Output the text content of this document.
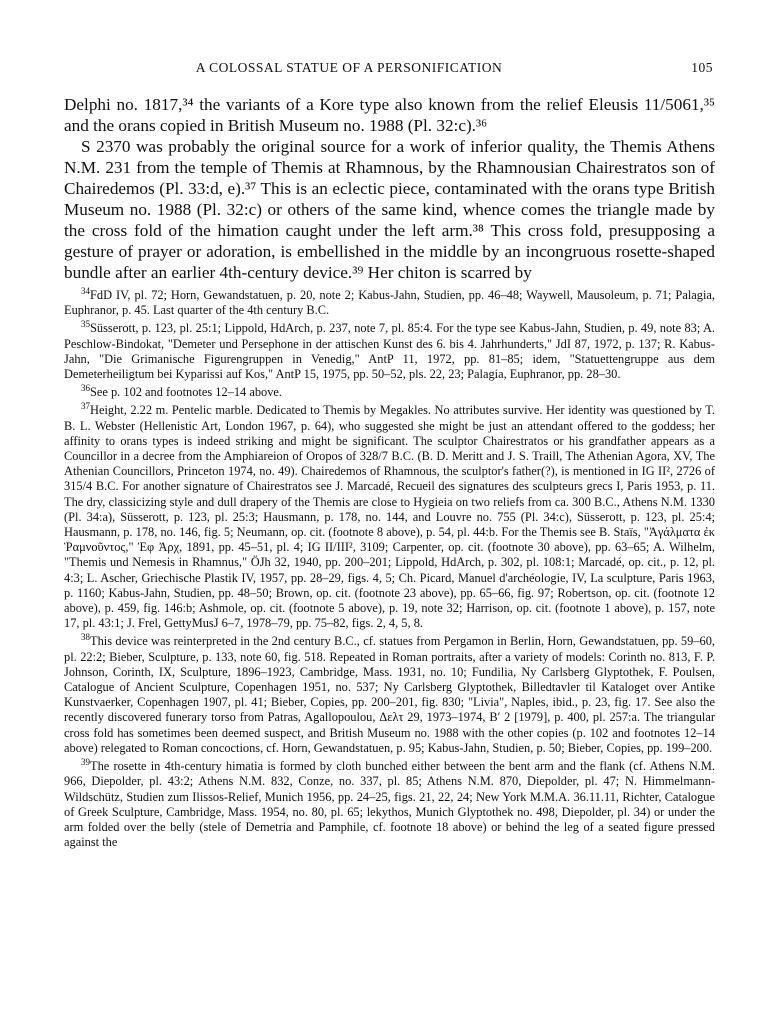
A COLOSSAL STATUE OF A PERSONIFICATION	105

Delphi no. 1817,³⁴ the variants of a Kore type also known from the relief Eleusis 11/5061,³⁵ and the orans copied in British Museum no. 1988 (Pl. 32:c).³⁶

S 2370 was probably the original source for a work of inferior quality, the Themis Athens N.M. 231 from the temple of Themis at Rhamnous, by the Rhamnousian Chairestratos son of Chairedemos (Pl. 33:d, e).³⁷ This is an eclectic piece, contaminated with the orans type British Museum no. 1988 (Pl. 32:c) or others of the same kind, whence comes the triangle made by the cross fold of the himation caught under the left arm.³⁸ This cross fold, presupposing a gesture of prayer or adoration, is embellished in the middle by an incongruous rosette-shaped bundle after an earlier 4th-century device.³⁹ Her chiton is scarred by

$^{34}$FdD IV, pl. 72; Horn, Gewandstatuen, p. 20, note 2; Kabus-Jahn, Studien, pp. 46–48; Waywell, Mausoleum, p. 71; Palagia, Euphranor, p. 45. Last quarter of the 4th century B.C.

$^{35}$Süsserott, p. 123, pl. 25:1; Lippold, HdArch, p. 237, note 7, pl. 85:4. For the type see Kabus-Jahn, Studien, p. 49, note 83; A. Peschlow-Bindokat, "Demeter und Persephone in der attischen Kunst des 6. bis 4. Jahrhunderts," JdI 87, 1972, p. 137; R. Kabus-Jahn, "Die Grimanische Figurengruppen in Venedig," AntP 11, 1972, pp. 81–85; idem, "Statuettengruppe aus dem Demeterheiligtum bei Kyparissi auf Kos," AntP 15, 1975, pp. 50–52, pls. 22, 23; Palagia, Euphranor, pp. 28–30.

$^{36}$See p. 102 and footnotes 12–14 above.

$^{37}$Height, 2.22 m. Pentelic marble. Dedicated to Themis by Megakles. No attributes survive. Her identity was questioned by T. B. L. Webster (Hellenistic Art, London 1967, p. 64), who suggested she might be just an attendant offered to the goddess; her affinity to orans types is indeed striking and might be significant. The sculptor Chairestratos or his grandfather appears as a Councillor in a decree from the Amphiareion of Oropos of 328/7 B.C. (B. D. Meritt and J. S. Traill, The Athenian Agora, XV, The Athenian Councillors, Princeton 1974, no. 49). Chairedemos of Rhamnous, the sculptor's father(?), is mentioned in IG II², 2726 of 315/4 B.C. For another signature of Chairestratos see J. Marcadé, Recueil des signatures des sculpteurs grecs I, Paris 1953, p. 11. The dry, classicizing style and dull drapery of the Themis are close to Hygieia on two reliefs from ca. 300 B.C., Athens N.M. 1330 (Pl. 34:a), Süsserott, p. 123, pl. 25:3; Hausmann, p. 178, no. 144, and Louvre no. 755 (Pl. 34:c), Süsserott, p. 123, pl. 25:4; Hausmann, p. 178, no. 146, fig. 5; Neumann, op. cit. (footnote 8 above), p. 54, pl. 44:b. For the Themis see B. Staïs, "Ἀγάλματα ἐκ Ῥαμνοῦντος," Ἐφ Ἀρχ, 1891, pp. 45–51, pl. 4; IG II/III², 3109; Carpenter, op. cit. (footnote 30 above), pp. 63–65; A. Wilhelm, "Themis und Nemesis in Rhamnus," ÖJh 32, 1940, pp. 200–201; Lippold, HdArch, p. 302, pl. 108:1; Marcadé, op. cit., p. 12, pl. 4:3; L. Ascher, Griechische Plastik IV, 1957, pp. 28–29, figs. 4, 5; Ch. Picard, Manuel d'archéologie, IV, La sculpture, Paris 1963, p. 1160; Kabus-Jahn, Studien, pp. 48–50; Brown, op. cit. (footnote 23 above), pp. 65–66, fig. 97; Robertson, op. cit. (footnote 12 above), p. 459, fig. 146:b; Ashmole, op. cit. (footnote 5 above), p. 19, note 32; Harrison, op. cit. (footnote 1 above), p. 157, note 17, pl. 43:1; J. Frel, GettyMusJ 6–7, 1978–79, pp. 75–82, figs. 2, 4, 5, 8.

$^{38}$This device was reinterpreted in the 2nd century B.C., cf. statues from Pergamon in Berlin, Horn, Gewandstatuen, pp. 59–60, pl. 22:2; Bieber, Sculpture, p. 133, note 60, fig. 518. Repeated in Roman portraits, after a variety of models: Corinth no. 813, F. P. Johnson, Corinth, IX, Sculpture, 1896–1923, Cambridge, Mass. 1931, no. 10; Fundilia, Ny Carlsberg Glyptothek, F. Poulsen, Catalogue of Ancient Sculpture, Copenhagen 1951, no. 537; Ny Carlsberg Glyptothek, Billedtavler til Kataloget over Antike Kunstvaerker, Copenhagen 1907, pl. 41; Bieber, Copies, pp. 200–201, fig. 830; "Livia", Naples, ibid., p. 23, fig. 17. See also the recently discovered funerary torso from Patras, Agallopoulou, Δελτ 29, 1973–1974, Β′ 2 [1979], p. 400, pl. 257:a. The triangular cross fold has sometimes been deemed suspect, and British Museum no. 1988 with the other copies (p. 102 and footnotes 12–14 above) relegated to Roman concoctions, cf. Horn, Gewandstatuen, p. 95; Kabus-Jahn, Studien, p. 50; Bieber, Copies, pp. 199–200.

$^{39}$The rosette in 4th-century himatia is formed by cloth bunched either between the bent arm and the flank (cf. Athens N.M. 966, Diepolder, pl. 43:2; Athens N.M. 832, Conze, no. 337, pl. 85; Athens N.M. 870, Diepolder, pl. 47; N. Himmelmann-Wildschütz, Studien zum Ilissos-Relief, Munich 1956, pp. 24–25, figs. 21, 22, 24; New York M.M.A. 36.11.11, Richter, Catalogue of Greek Sculpture, Cambridge, Mass. 1954, no. 80, pl. 65; lekythos, Munich Glyptothek no. 498, Diepolder, pl. 34) or under the arm folded over the belly (stele of Demetria and Pamphile, cf. footnote 18 above) or behind the leg of a seated figure pressed against the
